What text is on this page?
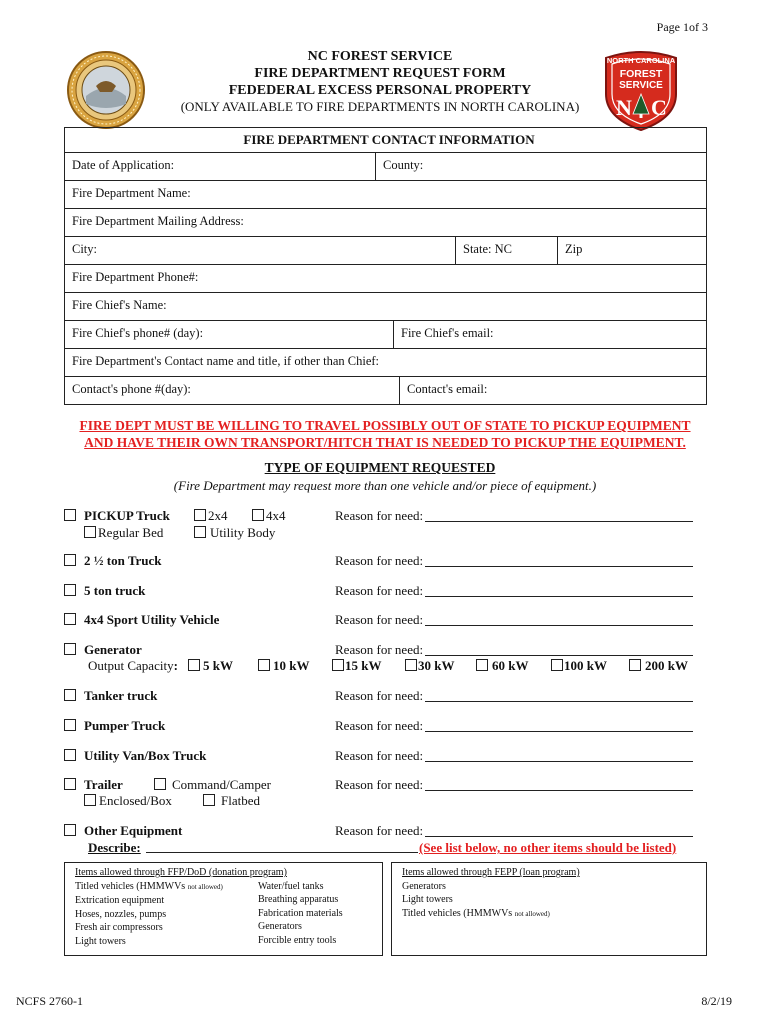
Page 1of 3
NORTH CAROLINA
FOREST
SERVICE
N C
NC FOREST SERVICE
FIRE DEPARTMENT REQUEST FORM
FEDEDERAL EXCESS PERSONAL PROPERTY
(ONLY AVAILABLE TO FIRE DEPARTMENTS IN NORTH CAROLINA)
FIRE DEPARTMENT CONTACT INFORMATION
Date of Application:	County:
Fire Department Name:
Fire Department Mailing Address:
City:	State: NC	Zip
Fire Department Phone#:
Fire Chief's Name:
Fire Chief's phone# (day):	Fire Chief's email:
Fire Department's Contact name and title, if other than Chief:
Contact's phone #(day):	Contact's email:
FIRE DEPT MUST BE WILLING TO TRAVEL POSSIBLY OUT OF STATE TO PICKUP EQUIPMENT
AND HAVE THEIR OWN TRANSPORT/HITCH THAT IS NEEDED TO PICKUP THE EQUIPMENT.
TYPE OF EQUIPMENT REQUESTED
(Fire Department may request more than one vehicle and/or piece of equipment.)
PICKUP Truck	2x4	4x4
Regular Bed	Utility Body
Reason for need:
2 ½ ton Truck	Reason for need:
5 ton truck	Reason for need:
4x4 Sport Utility Vehicle	Reason for need:
Generator	Reason for need:
Output Capacity:	5 kW	10 kW	15 kW	30 kW	60 kW	100 kW	200 kW
Tanker truck	Reason for need:
Pumper Truck	Reason for need:
Utility Van/Box Truck	Reason for need:
Trailer	Command/Camper
Enclosed/Box	Flatbed
Reason for need:
Other Equipment
Describe:
Reason for need:
(See list below, no other items should be listed)
Items allowed through FFP/DoD (donation program)
Titled vehicles (HMMWVs not allowed)
Extrication equipment
Hoses, nozzles, pumps
Fresh air compressors
Light towers
Water/fuel tanks
Breathing apparatus
Fabrication materials
Generators
Forcible entry tools
Items allowed through FEPP (loan program)
Generators
Light towers
Titled vehicles (HMMWVs not allowed)
NCFS 2760-1	8/2/19
